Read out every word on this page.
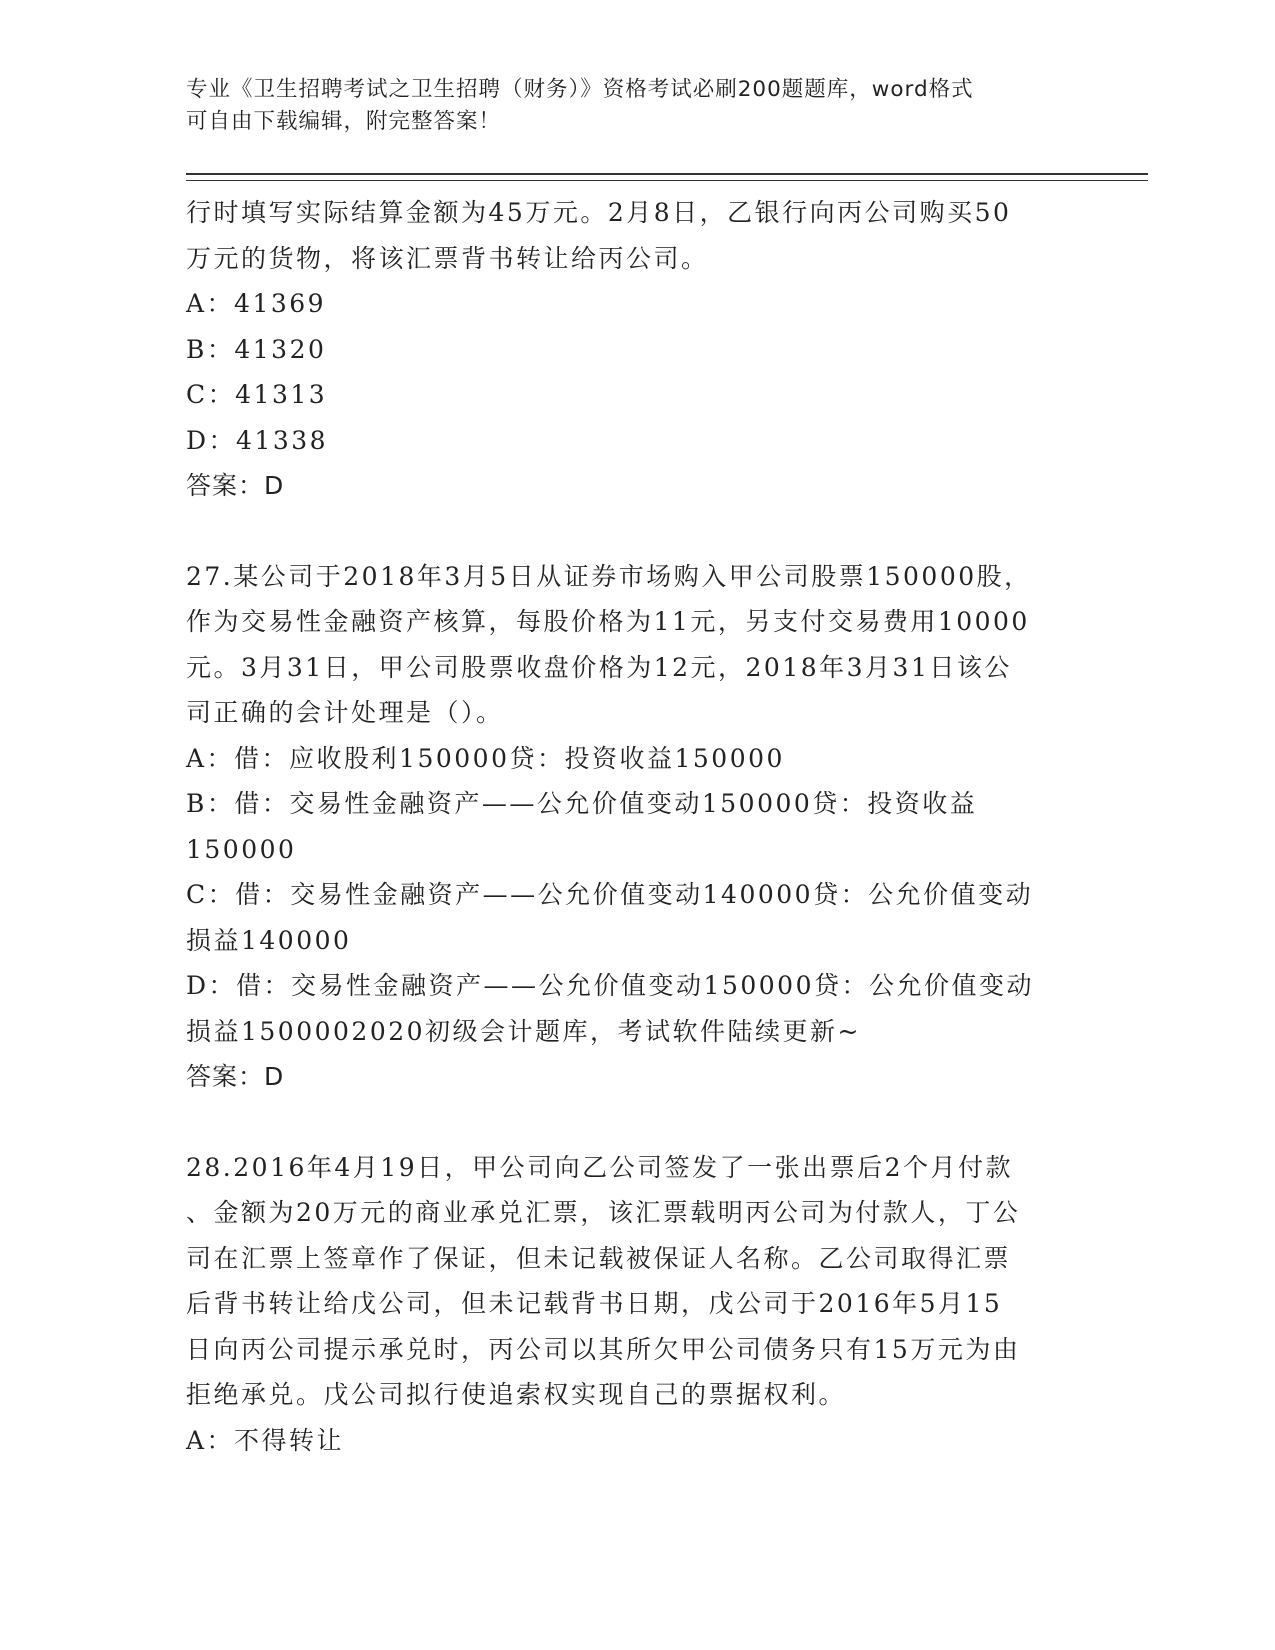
专业《卫生招聘考试之卫生招聘（财务）》资格考试必刷200题题库，word格式
可自由下载编辑，附完整答案！
行时填写实际结算金额为45万元。2月8日，乙银行向丙公司购买50
万元的货物，将该汇票背书转让给丙公司。
A：41369
B：41320
C：41313
D：41338
答案：D
27.某公司于2018年3月5日从证券市场购入甲公司股票150000股，
作为交易性金融资产核算，每股价格为11元，另支付交易费用10000
元。3月31日，甲公司股票收盘价格为12元，2018年3月31日该公
司正确的会计处理是（）。
A：借：应收股利150000贷：投资收益150000
B：借：交易性金融资产——公允价值变动150000贷：投资收益
150000
C：借：交易性金融资产——公允价值变动140000贷：公允价值变动
损益140000
D：借：交易性金融资产——公允价值变动150000贷：公允价值变动
损益1500002020初级会计题库，考试软件陆续更新~
答案：D
28.2016年4月19日，甲公司向乙公司签发了一张出票后2个月付款
、金额为20万元的商业承兑汇票，该汇票载明丙公司为付款人，丁公
司在汇票上签章作了保证，但未记载被保证人名称。乙公司取得汇票
后背书转让给戊公司，但未记载背书日期，戊公司于2016年5月15
日向丙公司提示承兑时，丙公司以其所欠甲公司债务只有15万元为由
拒绝承兑。戊公司拟行使追索权实现自己的票据权利。
A：不得转让
